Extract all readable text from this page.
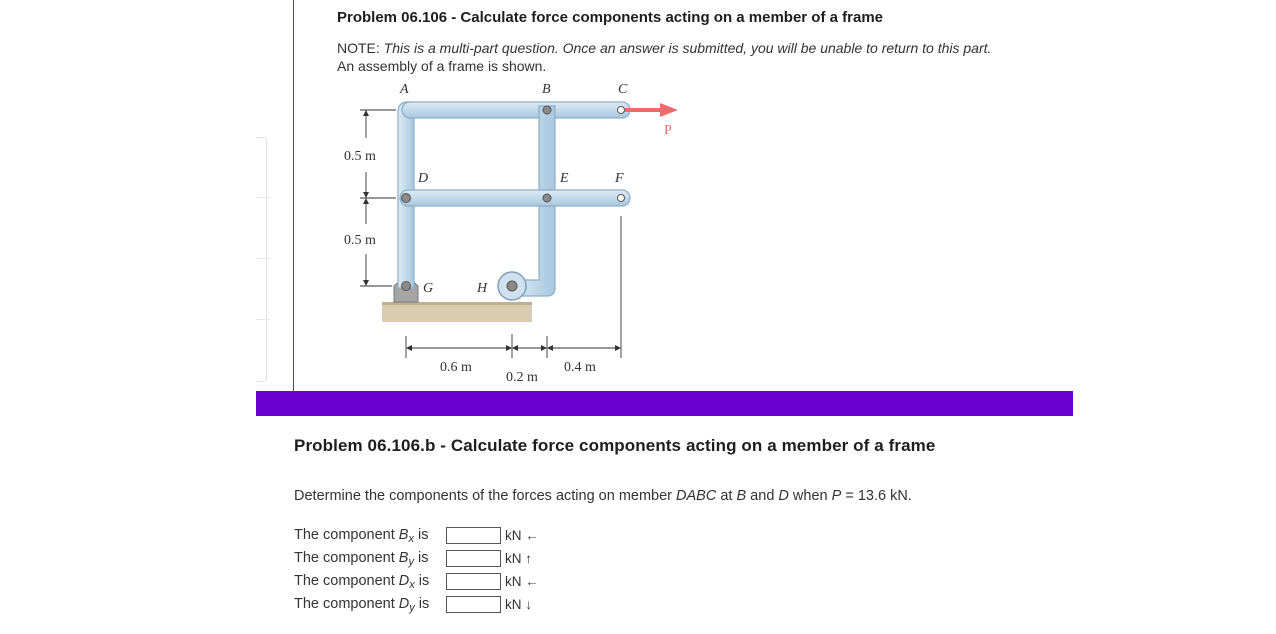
Problem 06.106 - Calculate force components acting on a member of a frame
NOTE: This is a multi-part question. Once an answer is submitted, you will be unable to return to this part.
An assembly of a frame is shown.
A	B	C
D	E	F
G	H
P
0.5 m
0.5 m
0.6 m
0.2 m
0.4 m
Problem 06.106.b - Calculate force components acting on a member of a frame
Determine the components of the forces acting on member DABC at B and D when P = 13.6 kN.
The component $B_x$ is	kN ←
The component $B_y$ is	kN ↑
The component $D_x$ is	kN ←
The component $D_y$ is	kN ↓
